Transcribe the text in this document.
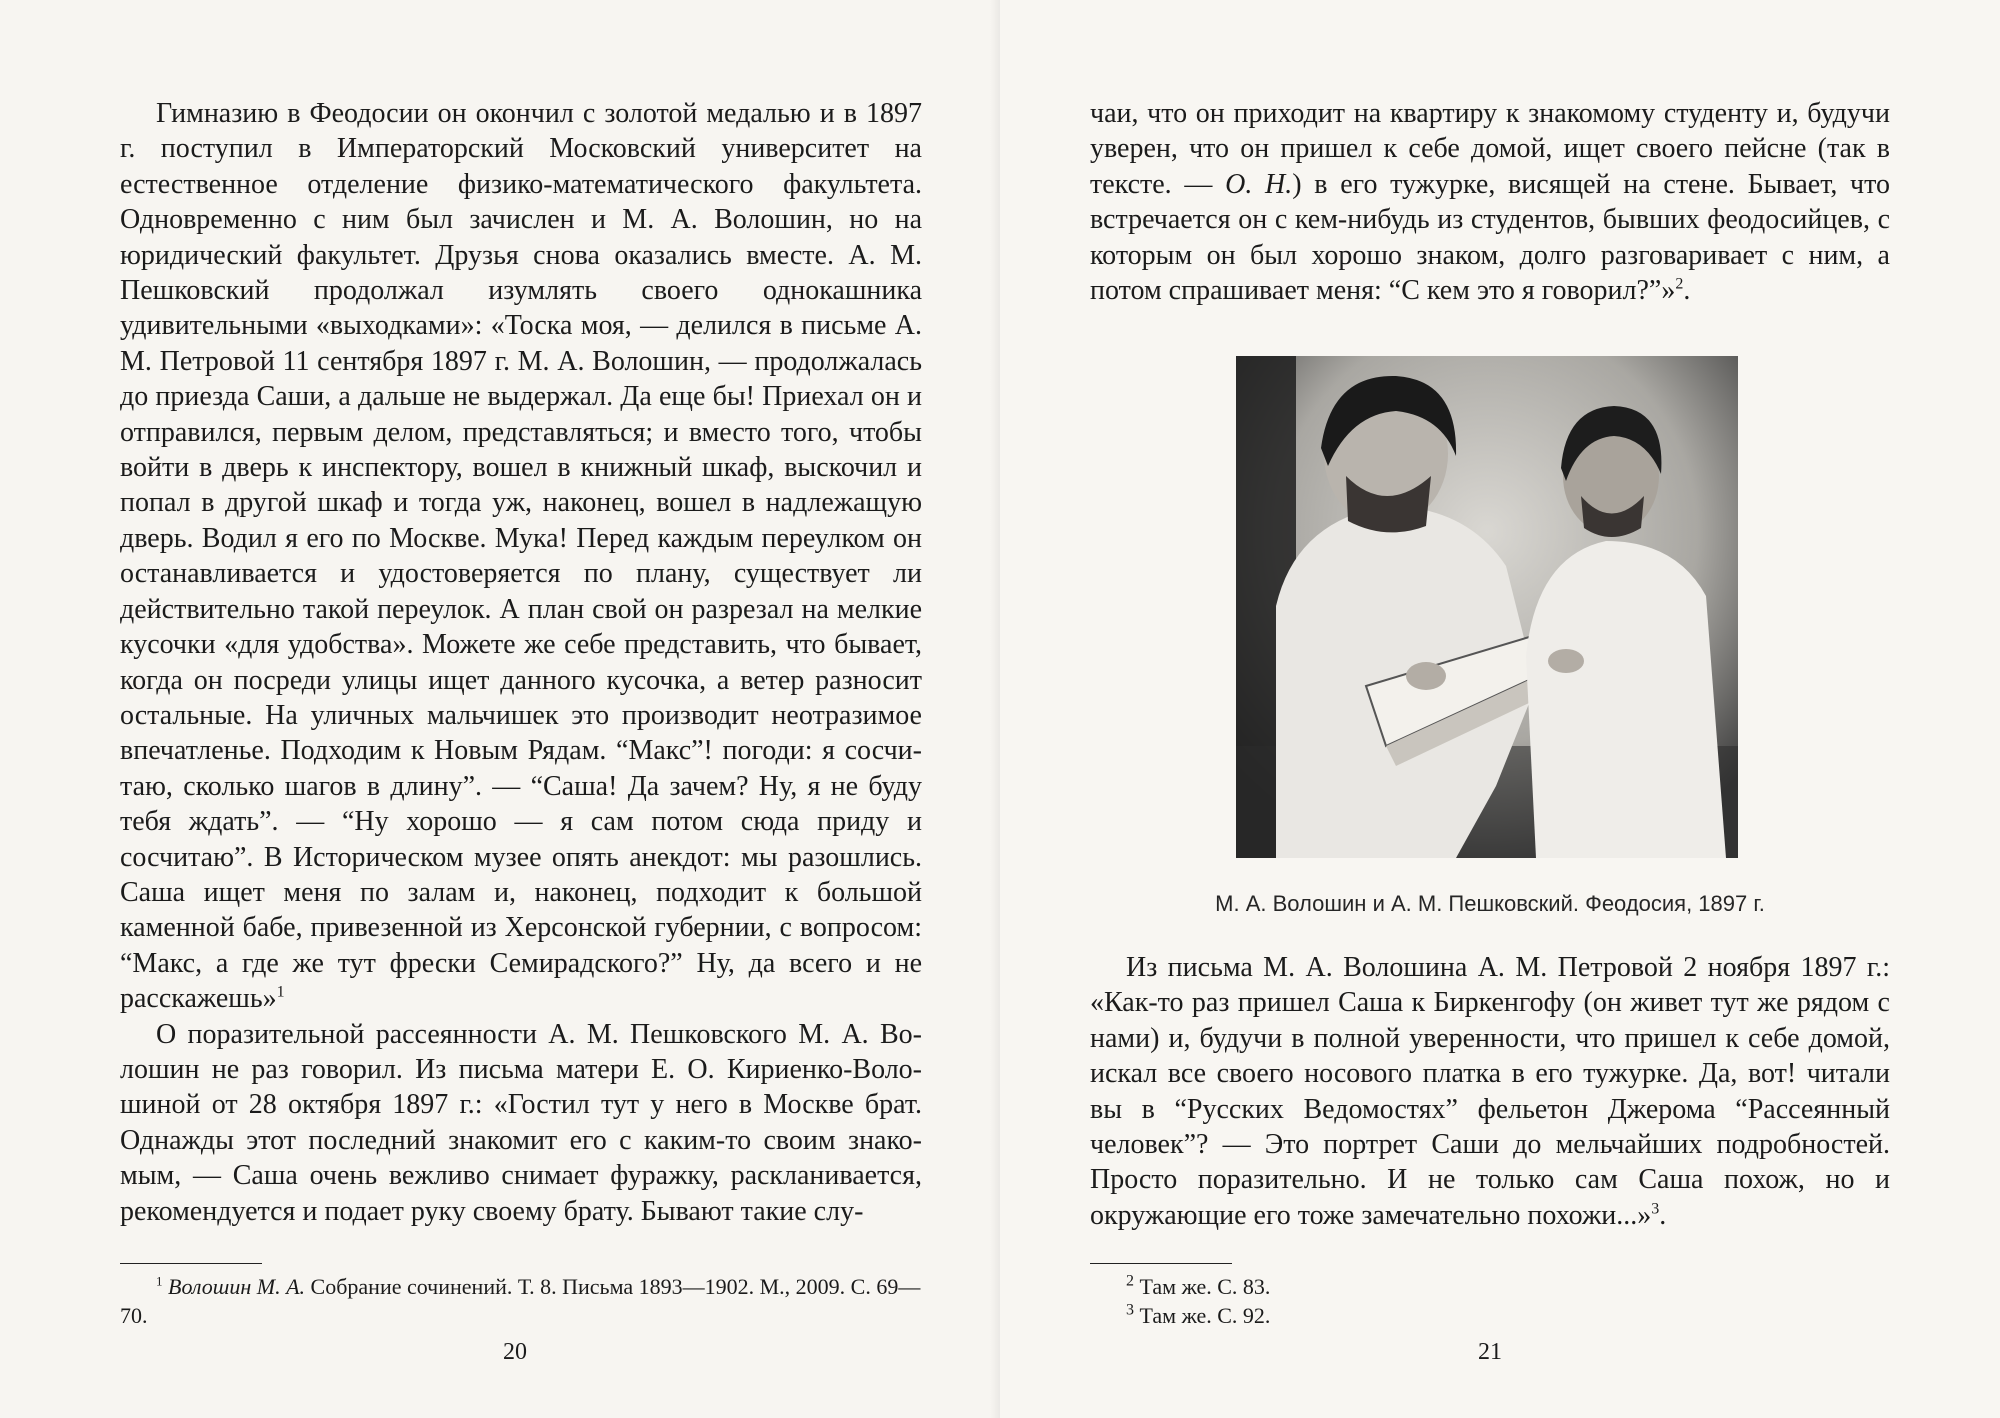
Гимназию в Феодосии он окончил с золотой медалью и в 1897 г. поступил в Императорский Московский университет на естественное отделение физико-математического факультета. Одновременно с ним был зачислен и М. А. Волошин, но на юридический факультет. Друзья снова оказались вместе. А. М. Пешковский продолжал изумлять своего однокашника удивительными «выходками»: «Тоска моя, — делился в письме А. М. Петровой 11 сентября 1897 г. М. А. Волошин, — продолжалась до приезда Саши, а дальше не выдержал. Да еще бы! Приехал он и отправился, первым делом, представляться; и вместо того, чтобы войти в дверь к инспектору, вошел в книжный шкаф, выскочил и попал в другой шкаф и тогда уж, наконец, вошел в надлежащую дверь. Водил я его по Москве. Мука! Перед каждым переулком он останавливается и удостоверяется по плану, существует ли действительно такой переулок. А план свой он разрезал на мелкие кусочки «для удобства». Можете же себе представить, что бывает, когда он посреди улицы ищет данного кусочка, а ветер разносит остальные. На уличных мальчишек это производит неотразимое впечатленье. Подходим к Новым Рядам. “Макс”! погоди: я сосчитаю, сколько шагов в длину”. — “Саша! Да зачем? Ну, я не буду тебя ждать”. — “Ну хорошо — я сам потом сюда приду и сосчитаю”. В Историческом музее опять анекдот: мы разошлись. Саша ищет меня по залам и, наконец, подходит к большой каменной бабе, привезенной из Херсонской губернии, с вопросом: “Макс, а где же тут фрески Семирадского?” Ну, да всего и не расскажешь»$^1$

О поразительной рассеянности А. М. Пешковского М. А. Волошин не раз говорил. Из письма матери Е. О. Кириенко-Волошиной от 28 октября 1897 г.: «Гостил тут у него в Москве брат. Однажды этот последний знакомит его с каким-то своим знакомым, — Саша очень вежливо снимает фуражку, раскланивается, рекомендуется и подает руку своему брату. Бывают такие слу-

$^1$ Волошин М. А. Собрание сочинений. Т. 8. Письма 1893—1902. М., 2009. С. 69—70.

20

чаи, что он приходит на квартиру к знакомому студенту и, будучи уверен, что он пришел к себе домой, ищет своего пейсне (так в тексте. — О. Н.) в его тужурке, висящей на стене. Бывает, что встречается он с кем-нибудь из студентов, бывших феодосийцев, с которым он был хорошо знаком, долго разговаривает с ним, а потом спрашивает меня: “С кем это я говорил?”»$^2$.

М. А. Волошин и А. М. Пешковский. Феодосия, 1897 г.

Из письма М. А. Волошина А. М. Петровой 2 ноября 1897 г.: «Как-то раз пришел Саша к Биркенгофу (он живет тут же рядом с нами) и, будучи в полной уверенности, что пришел к себе домой, искал все своего носового платка в его тужурке. Да, вот! читали вы в “Русских Ведомостях” фельетон Джерома “Рассеянный человек”? — Это портрет Саши до мельчайших подробностей. Просто поразительно. И не только сам Саша похож, но и окружающие его тоже замечательно похожи...»$^3$.

$^2$ Там же. С. 83.

$^3$ Там же. С. 92.

21
